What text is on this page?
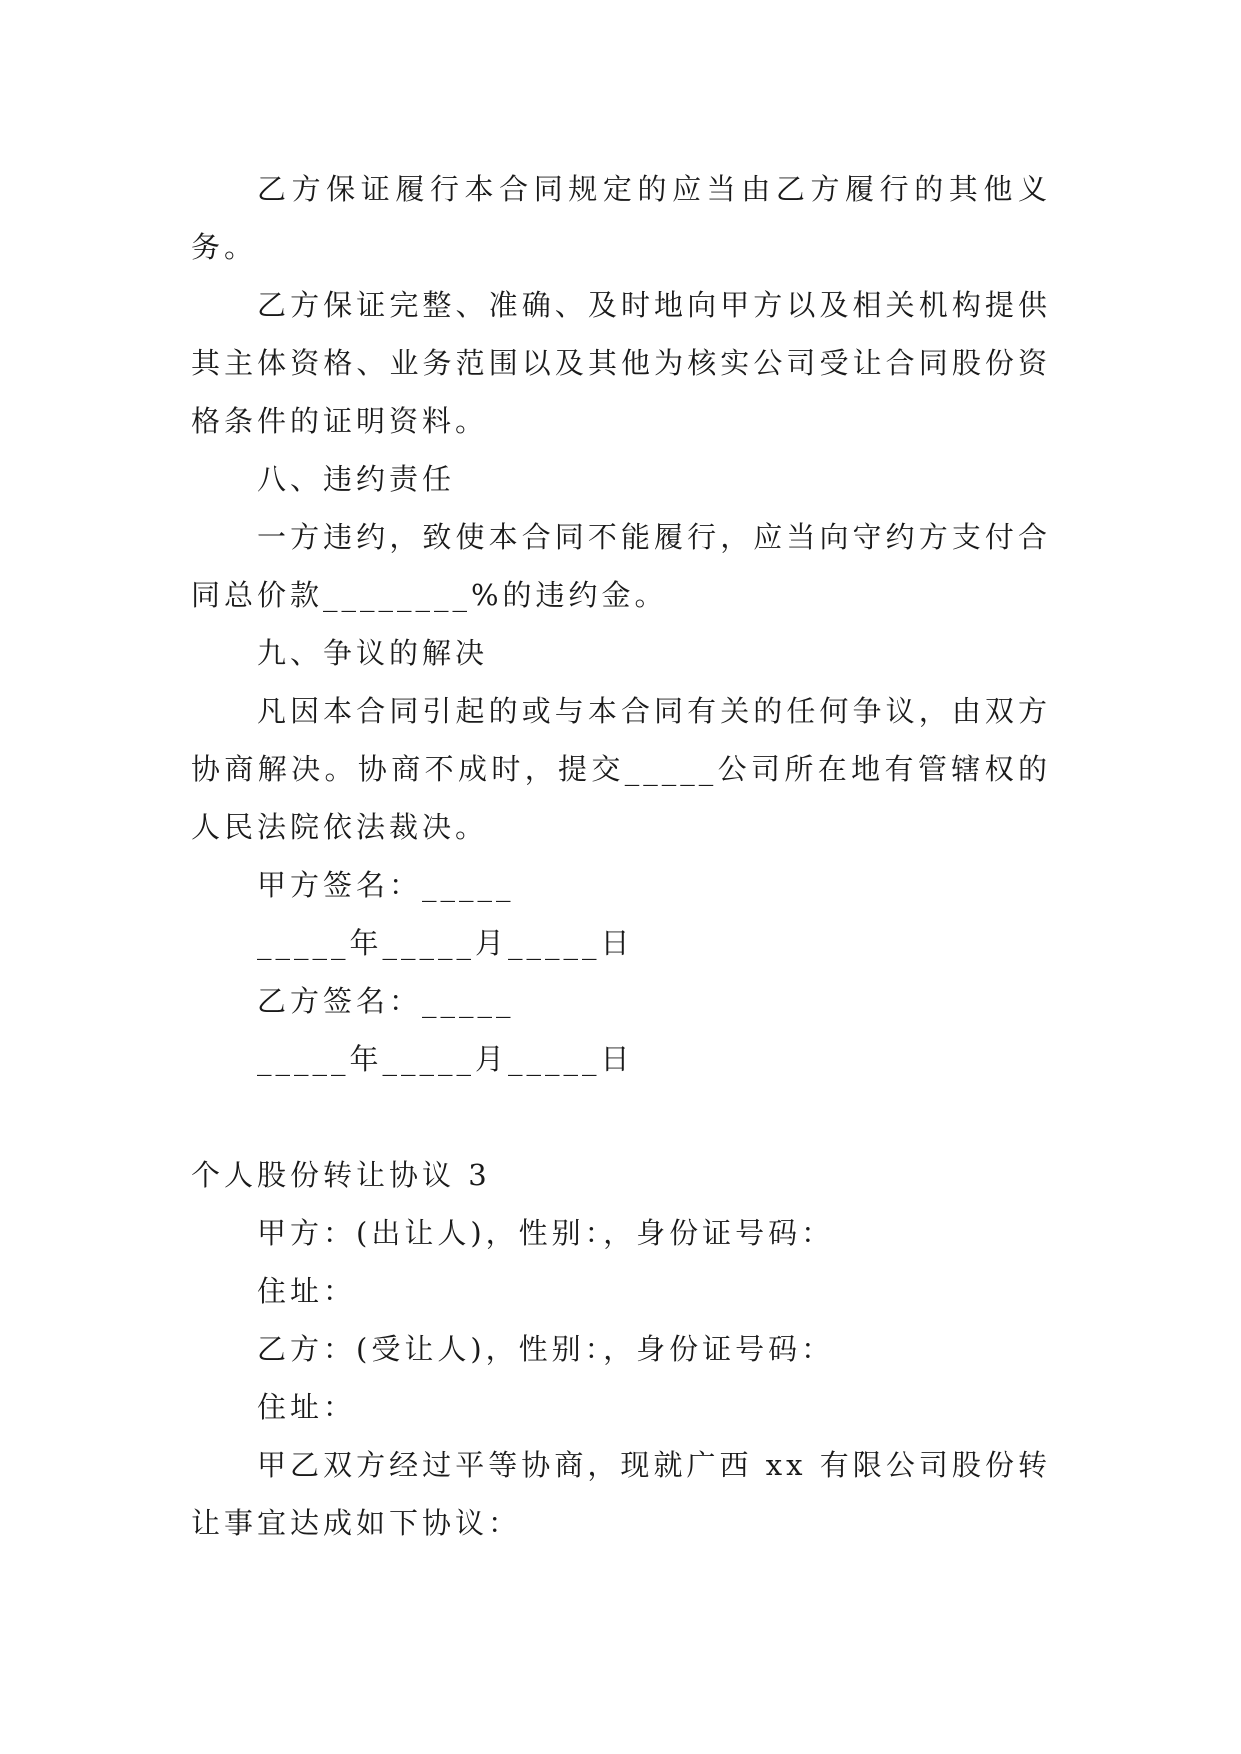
乙方保证履行本合同规定的应当由乙方履行的其他义务。

乙方保证完整、准确、及时地向甲方以及相关机构提供其主体资格、业务范围以及其他为核实公司受让合同股份资格条件的证明资料。

八、违约责任

一方违约，致使本合同不能履行，应当向守约方支付合同总价款________%的违约金。

九、争议的解决

凡因本合同引起的或与本合同有关的任何争议，由双方协商解决。协商不成时，提交_____公司所在地有管辖权的人民法院依法裁决。

甲方签名：_____

_____年_____月_____日

乙方签名：_____

_____年_____月_____日

个人股份转让协议 3

甲方：(出让人)，性别：，身份证号码：

住址：

乙方：(受让人)，性别：，身份证号码：

住址：

甲乙双方经过平等协商，现就广西 xx 有限公司股份转让事宜达成如下协议：
